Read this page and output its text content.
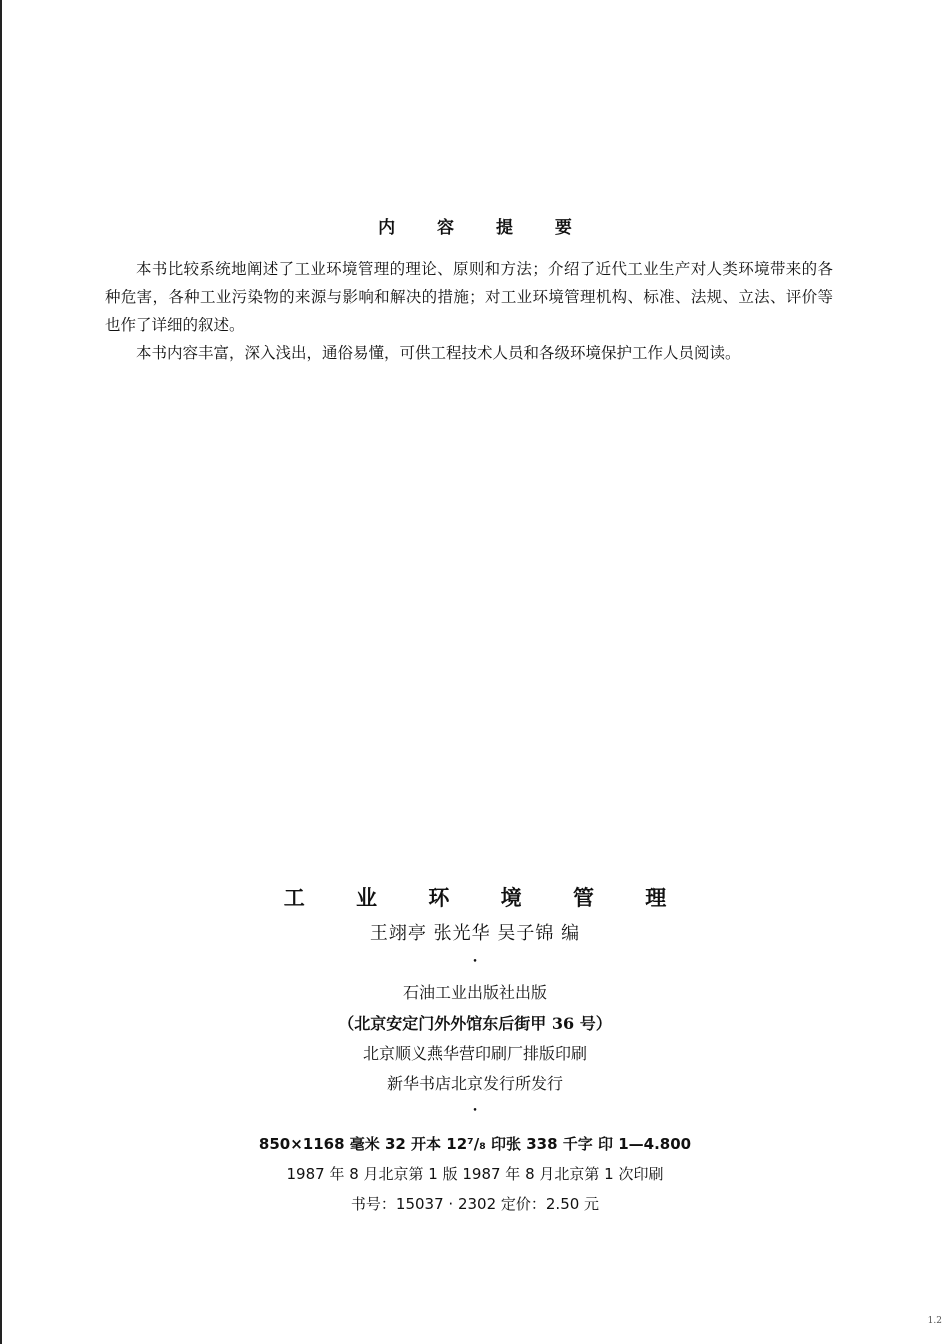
内 容 提 要

本书比较系统地阐述了工业环境管理的理论、原则和方法；介绍了近代工业生产对人类环境带来的各种危害，各种工业污染物的来源与影响和解决的措施；对工业环境管理机构、标准、法规、立法、评价等也作了详细的叙述。

本书内容丰富，深入浅出，通俗易懂，可供工程技术人员和各级环境保护工作人员阅读。

工 业 环 境 管 理
王翊亭 张光华 吴子锦 编
•
石油工业出版社出版
（北京安定门外外馆东后街甲 36 号）
北京顺义燕华营印刷厂排版印刷
新华书店北京发行所发行
•
850×1168 毫米 32 开本 12⁷/₈ 印张 338 千字 印 1—4.800
1987 年 8 月北京第 1 版 1987 年 8 月北京第 1 次印刷
书号：15037 · 2302 定价：2.50 元
1.2
